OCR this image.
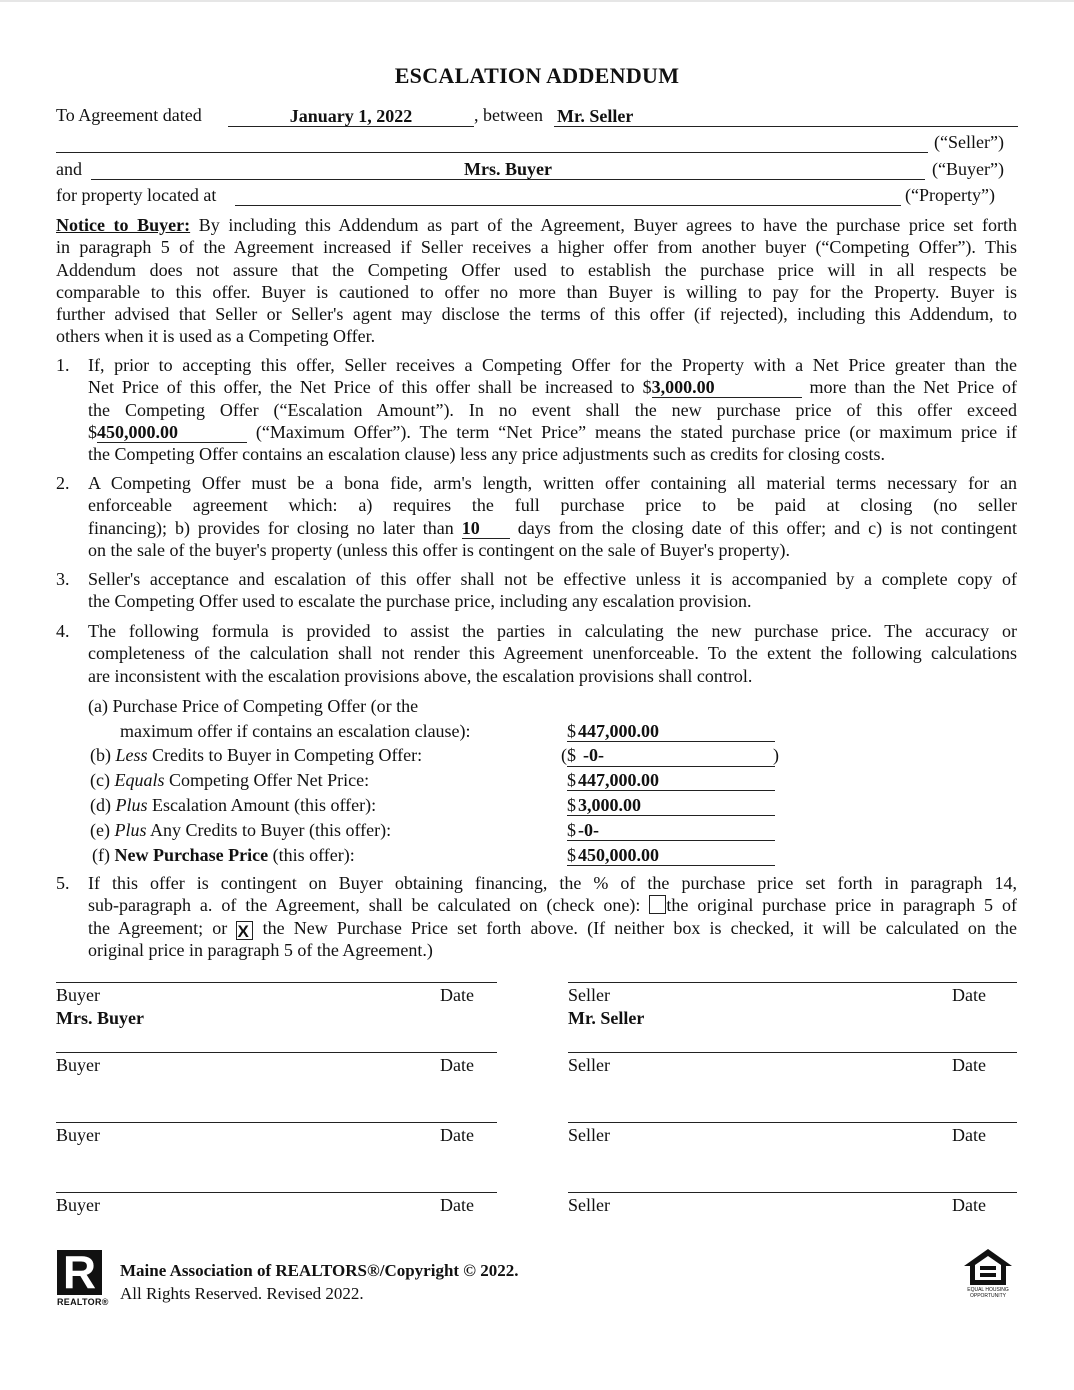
ESCALATION ADDENDUM
To Agreement dated	January 1, 2022	, between Mr. Seller
(“Seller”)
and	Mrs. Buyer	(“Buyer”)
for property located at	(“Property”)
Notice to Buyer: By including this Addendum as part of the Agreement, Buyer agrees to have the purchase price set forth
in paragraph 5 of the Agreement increased if Seller receives a higher offer from another buyer (“Competing Offer”). This
Addendum does not assure that the Competing Offer used to establish the purchase price will in all respects be
comparable to this offer. Buyer is cautioned to offer no more than Buyer is willing to pay for the Property. Buyer is
further advised that Seller or Seller's agent may disclose the terms of this offer (if rejected), including this Addendum, to
others when it is used as a Competing Offer.
1. If, prior to accepting this offer, Seller receives a Competing Offer for the Property with a Net Price greater than the
Net Price of this offer, the Net Price of this offer shall be increased to $3,000.00	more than the Net Price of
the Competing Offer (“Escalation Amount”). In no event shall the new purchase price of this offer exceed
$450,000.00	(“Maximum Offer”). The term “Net Price” means the stated purchase price (or maximum price if
the Competing Offer contains an escalation clause) less any price adjustments such as credits for closing costs.
2. A Competing Offer must be a bona fide, arm's length, written offer containing all material terms necessary for an
enforceable agreement which: a) requires the full purchase price to be paid at closing (no seller
financing); b) provides for closing no later than 10 days from the closing date of this offer; and c) is not contingent
on the sale of the buyer's property (unless this offer is contingent on the sale of Buyer's property).
3. Seller's acceptance and escalation of this offer shall not be effective unless it is accompanied by a complete copy of
the Competing Offer used to escalate the purchase price, including any escalation provision.
4. The following formula is provided to assist the parties in calculating the new purchase price. The accuracy or
completeness of the calculation shall not render this Agreement unenforceable. To the extent the following calculations
are inconsistent with the escalation provisions above, the escalation provisions shall control.
(a) Purchase Price of Competing Offer (or the
maximum offer if contains an escalation clause):	$ 447,000.00
(b) Less Credits to Buyer in Competing Offer:	($ -0-	)
(c) Equals Competing Offer Net Price:	$ 447,000.00
(d) Plus Escalation Amount (this offer):	$ 3,000.00
(e) Plus Any Credits to Buyer (this offer):	$ -0-
(f) New Purchase Price (this offer):	$ 450,000.00
5. If this offer is contingent on Buyer obtaining financing, the % of the purchase price set forth in paragraph 14,
sub-paragraph a. of the Agreement, shall be calculated on (check one): the original purchase price in paragraph 5 of
the Agreement; or X the New Purchase Price set forth above. (If neither box is checked, it will be calculated on the
original price in paragraph 5 of the Agreement.)
Buyer	Date	Seller	Date
Mrs. Buyer	Mr. Seller
Buyer	Date	Seller	Date
Buyer	Date	Seller	Date
Buyer	Date	Seller	Date
R
REALTOR®
Maine Association of REALTORS®/Copyright © 2022.
All Rights Reserved. Revised 2022.	EQUAL HOUSING
OPPORTUNITY
